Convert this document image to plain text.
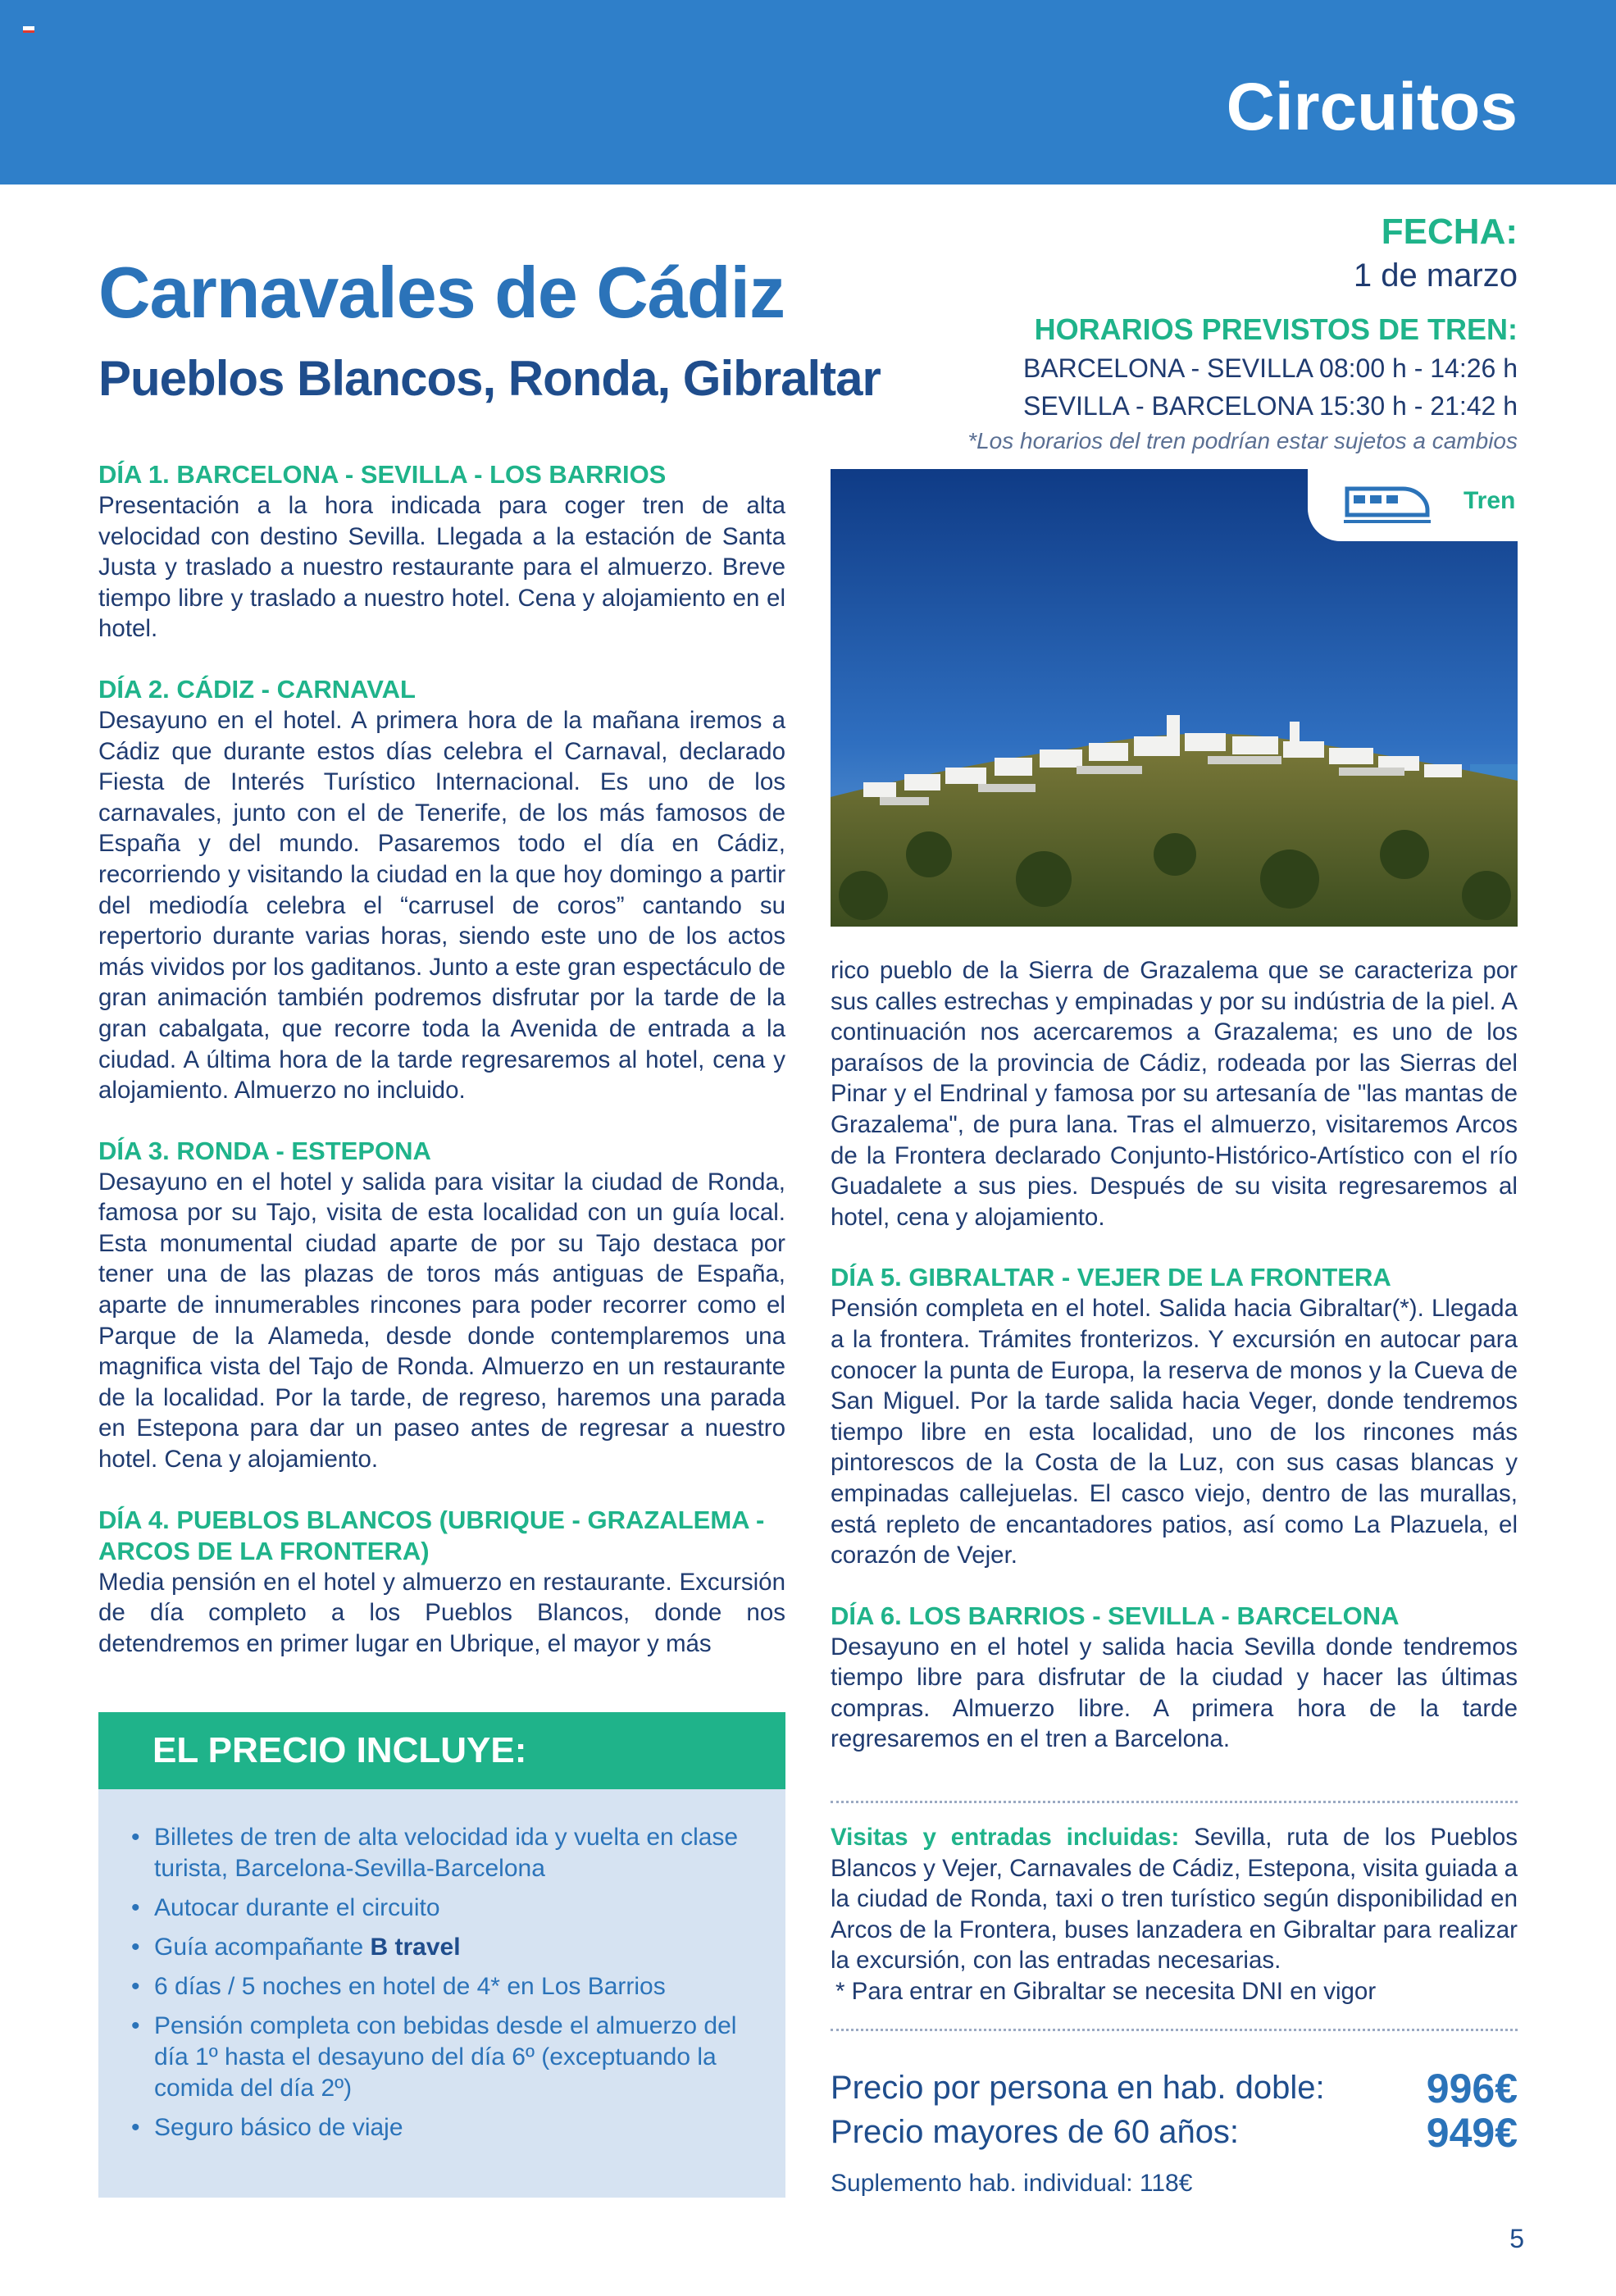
Circuitos
Carnavales de Cádiz
Pueblos Blancos, Ronda, Gibraltar
FECHA:
1 de marzo
HORARIOS PREVISTOS DE TREN:
BARCELONA - SEVILLA 08:00 h - 14:26 h
SEVILLA - BARCELONA 15:30 h - 21:42 h
*Los horarios del tren podrían estar sujetos a cambios
DÍA 1. BARCELONA - SEVILLA - LOS BARRIOS

Presentación a la hora indicada para coger tren de alta velocidad con destino Sevilla. Llegada a la estación de Santa Justa y traslado a nuestro restaurante para el almuerzo. Breve tiempo libre y traslado a nuestro hotel. Cena y alojamiento en el hotel.

DÍA 2. CÁDIZ - CARNAVAL

Desayuno en el hotel. A primera hora de la mañana iremos a Cádiz que durante estos días celebra el Carnaval, declarado Fiesta de Interés Turístico Internacional. Es uno de los carnavales, junto con el de Tenerife, de los más famosos de España y del mundo. Pasaremos todo el día en Cádiz, recorriendo y visitando la ciudad en la que hoy domingo a partir del mediodía celebra el “carrusel de coros” cantando su repertorio durante varias horas, siendo este uno de los actos más vividos por los gaditanos. Junto a este gran espectáculo de gran animación también podremos disfrutar por la tarde de la gran cabalgata, que recorre toda la Avenida de entrada a la ciudad. A última hora de la tarde regresaremos al hotel, cena y alojamiento. Almuerzo no incluido.

DÍA 3. RONDA - ESTEPONA

Desayuno en el hotel y salida para visitar la ciudad de Ronda, famosa por su Tajo, visita de esta localidad con un guía local. Esta monumental ciudad aparte de por su Tajo destaca por tener una de las plazas de toros más antiguas de España, aparte de innumerables rincones para poder recorrer como el Parque de la Alameda, desde donde contemplaremos una magnifica vista del Tajo de Ronda. Almuerzo en un restaurante de la localidad. Por la tarde, de regreso, haremos una parada en Estepona para dar un paseo antes de regresar a nuestro hotel. Cena y alojamiento.

DÍA 4. PUEBLOS BLANCOS (UBRIQUE - GRAZALEMA - ARCOS DE LA FRONTERA)

Media pensión en el hotel y almuerzo en restaurante. Excursión de día completo a los Pueblos Blancos, donde nos detendremos en primer lugar en Ubrique, el mayor y más

Tren

rico pueblo de la Sierra de Grazalema que se caracteriza por sus calles estrechas y empinadas y por su indústria de la piel. A continuación nos acercaremos a Grazalema; es uno de los paraísos de la provincia de Cádiz, rodeada por las Sierras del Pinar y el Endrinal y famosa por su artesanía de "las mantas de Grazalema", de pura lana. Tras el almuerzo, visitaremos Arcos de la Frontera declarado Conjunto-Histórico-Artístico con el río Guadalete a sus pies. Después de su visita regresaremos al hotel, cena y alojamiento.

DÍA 5. GIBRALTAR - VEJER DE LA FRONTERA

Pensión completa en el hotel. Salida hacia Gibraltar(*). Llegada a la frontera. Trámites fronterizos. Y excursión en autocar para conocer la punta de Europa, la reserva de monos y la Cueva de San Miguel. Por la tarde salida hacia Veger, donde tendremos tiempo libre en esta localidad, uno de los rincones más pintorescos de la Costa de la Luz, con sus casas blancas y empinadas callejuelas. El casco viejo, dentro de las murallas, está repleto de encantadores patios, así como La Plazuela, el corazón de Vejer.

DÍA 6. LOS BARRIOS - SEVILLA - BARCELONA

Desayuno en el hotel y salida hacia Sevilla donde tendremos tiempo libre para disfrutar de la ciudad y hacer las últimas compras. Almuerzo libre. A primera hora de la tarde regresaremos en el tren a Barcelona.

EL PRECIO INCLUYE:
• Billetes de tren de alta velocidad ida y vuelta en clase turista, Barcelona-Sevilla-Barcelona
• Autocar durante el circuito
• Guía acompañante B travel
• 6 días / 5 noches en hotel de 4* en Los Barrios
• Pensión completa con bebidas desde el almuerzo del día 1º hasta el desayuno del día 6º (exceptuando la comida del día 2º)
• Seguro básico de viaje

Visitas y entradas incluidas: Sevilla, ruta de los Pueblos Blancos y Vejer, Carnavales de Cádiz, Estepona, visita guiada a la ciudad de Ronda, taxi o tren turístico según disponibilidad en Arcos de la Frontera, buses lanzadera en Gibraltar para realizar la excursión, con las entradas necesarias.

* Para entrar en Gibraltar se necesita DNI en vigor

Precio por persona en hab. doble: 996€
Precio mayores de 60 años:	949€
Suplemento hab. individual: 118€
5
